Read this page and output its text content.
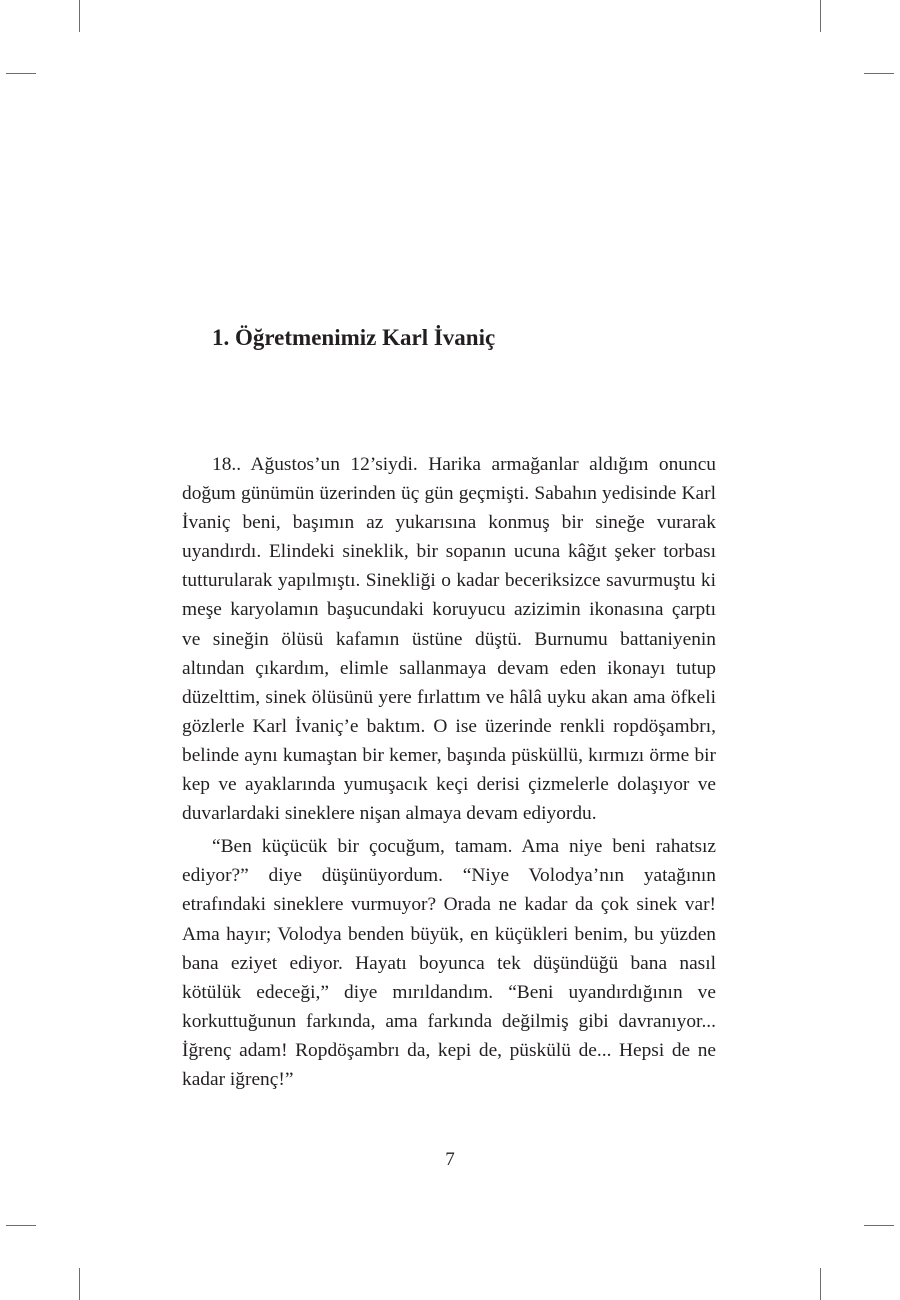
1. Öğretmenimiz Karl İvaniç

18.. Ağustos’un 12’siydi. Harika armağanlar aldığım onuncu doğum günümün üzerinden üç gün geçmişti. Sabahın yedisinde Karl İvaniç beni, başımın az yukarısına konmuş bir sineğe vurarak uyandırdı. Elindeki sineklik, bir sopanın ucuna kâğıt şeker torbası tutturularak yapılmıştı. Sinekliği o kadar beceriksizce savurmuştu ki meşe karyolamın başucundaki koruyucu azizimin ikonasına çarptı ve sineğin ölüsü kafamın üstüne düştü. Burnumu battaniyenin altından çıkardım, elimle sallanmaya devam eden ikonayı tutup düzelttim, sinek ölüsünü yere fırlattım ve hâlâ uyku akan ama öfkeli gözlerle Karl İvaniç’e baktım. O ise üzerinde renkli ropdöşambrı, belinde aynı kumaştan bir kemer, başında püsküllü, kırmızı örme bir kep ve ayaklarında yumuşacık keçi derisi çizmelerle dolaşıyor ve duvarlardaki sineklere nişan almaya devam ediyordu.

“Ben küçücük bir çocuğum, tamam. Ama niye beni rahatsız ediyor?” diye düşünüyordum. “Niye Volodya’nın yatağının etrafındaki sineklere vurmuyor? Orada ne kadar da çok sinek var! Ama hayır; Volodya benden büyük, en küçükleri benim, bu yüzden bana eziyet ediyor. Hayatı boyunca tek düşündüğü bana nasıl kötülük edeceği,” diye mırıldandım. “Beni uyandırdığının ve korkuttuğunun farkında, ama farkında değilmiş gibi davranıyor... İğrenç adam! Ropdöşambrı da, kepi de, püskülü de... Hepsi de ne kadar iğrenç!”

7
